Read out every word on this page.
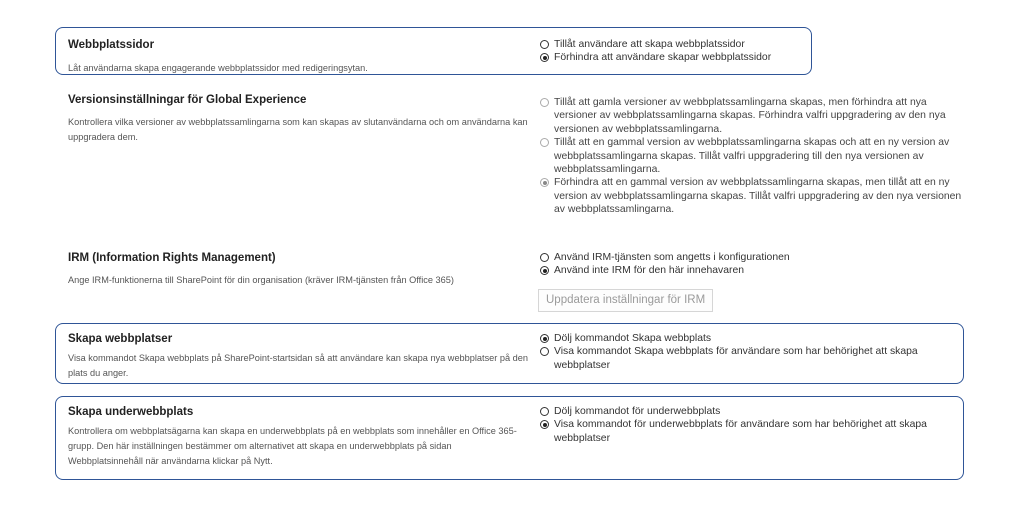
Webbplatssidor
Låt användarna skapa engagerande webbplatssidor med redigeringsytan.
Tillåt användare att skapa webbplatssidor
Förhindra att användare skapar webbplatssidor
Versionsinställningar för Global Experience
Kontrollera vilka versioner av webbplatssamlingarna som kan skapas av slutanvändarna och om användarna kan uppgradera dem.
Tillåt att gamla versioner av webbplatssamlingarna skapas, men förhindra att nya versioner av webbplatssamlingarna skapas. Förhindra valfri uppgradering av den nya versionen av webbplatssamlingarna.
Tillåt att en gammal version av webbplatssamlingarna skapas och att en ny version av webbplatssamlingarna skapas. Tillåt valfri uppgradering till den nya versionen av webbplatssamlingarna.
Förhindra att en gammal version av webbplatssamlingarna skapas, men tillåt att en ny version av webbplatssamlingarna skapas. Tillåt valfri uppgradering av den nya versionen av webbplatssamlingarna.
IRM (Information Rights Management)
Ange IRM-funktionerna till SharePoint för din organisation (kräver IRM-tjänsten från Office 365)
Använd IRM-tjänsten som angetts i konfigurationen
Använd inte IRM för den här innehavaren
Uppdatera inställningar för IRM
Skapa webbplatser
Visa kommandot Skapa webbplats på SharePoint-startsidan så att användare kan skapa nya webbplatser på den plats du anger.
Dölj kommandot Skapa webbplats
Visa kommandot Skapa webbplats för användare som har behörighet att skapa webbplatser
Skapa underwebbplats
Kontrollera om webbplatsägarna kan skapa en underwebbplats på en webbplats som innehåller en Office 365-grupp. Den här inställningen bestämmer om alternativet att skapa en underwebbplats på sidan Webbplatsinnehåll när användarna klickar på Nytt.
Dölj kommandot för underwebbplats
Visa kommandot för underwebbplats för användare som har behörighet att skapa webbplatser
